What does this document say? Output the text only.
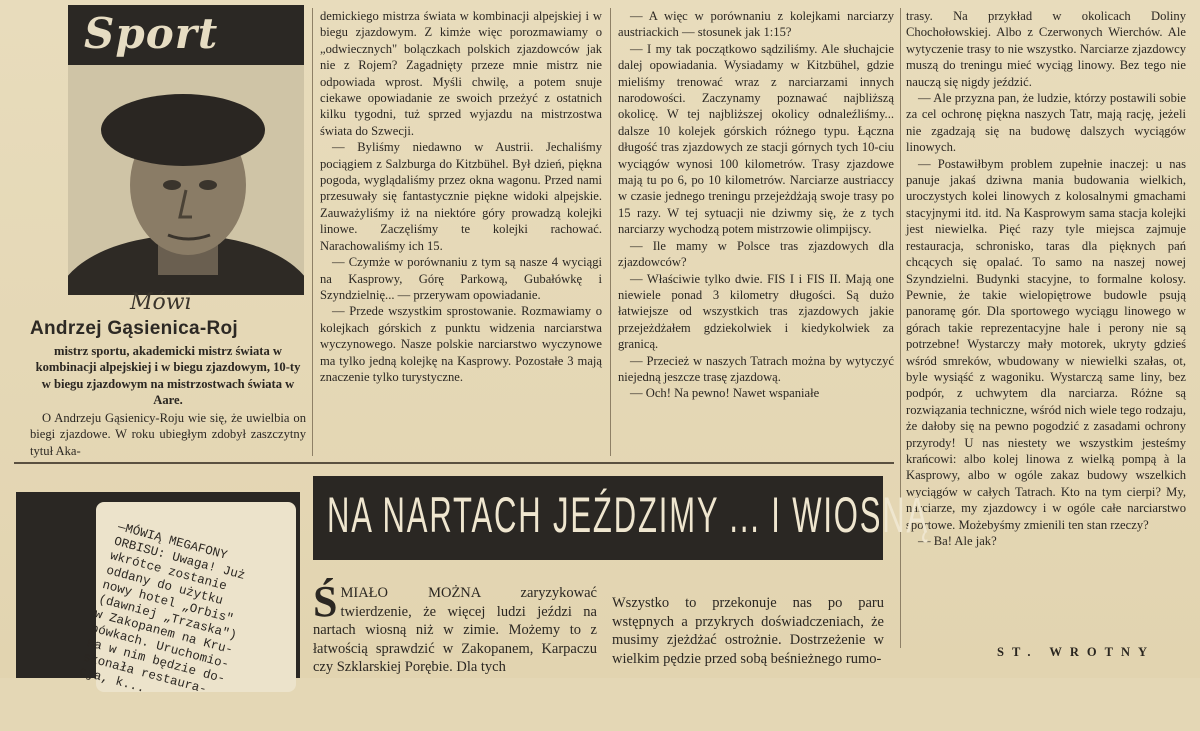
Sport
Mówi
Andrzej Gąsienica-Roj
mistrz sportu, akademicki mistrz świata w kombinacji alpejskiej i w biegu zjazdowym, 10-ty w biegu zjazdowym na mistrzostwach świata w Aare.

O Andrzeju Gąsienicy-Roju wie się, że uwielbia on biegi zjazdowe. W roku ubiegłym zdobył zaszczytny tytuł Aka-

demickiego mistrza świata w kombinacji alpejskiej i w biegu zjazdowym. Z kimże więc porozmawiamy o „odwiecznych" bolączkach polskich zjazdowców jak nie z Rojem? Zagadnięty przeze mnie mistrz nie odpowiada wprost. Myśli chwilę, a potem snuje ciekawe opowiadanie ze swoich przeżyć z ostatnich kilku tygodni, tuż sprzed wyjazdu na mistrzostwa świata do Szwecji.

— Byliśmy niedawno w Austrii. Jechaliśmy pociągiem z Salzburga do Kitzbühel. Był dzień, piękna pogoda, wyglądaliśmy przez okna wagonu. Przed nami przesuwały się fantastycznie piękne widoki alpejskie. Zauważyliśmy iż na niektóre góry prowadzą kolejki linowe. Zaczęliśmy te kolejki rachować. Narachowaliśmy ich 15.

— Czymże w porównaniu z tym są nasze 4 wyciągi na Kasprowy, Górę Parkową, Gubałówkę i Szyndzielnię... — przerywam opowiadanie.

— Przede wszystkim sprostowanie. Rozmawiamy o kolejkach górskich z punktu widzenia narciarstwa wyczynowego. Nasze polskie narciarstwo wyczynowe ma tylko jedną kolejkę na Kasprowy. Pozostałe 3 mają znaczenie tylko turystyczne.

— A więc w porównaniu z kolejkami narciarzy austriackich — stosunek jak 1:15?

— I my tak początkowo sądziliśmy. Ale słuchajcie dalej opowiadania. Wysiadamy w Kitzbühel, gdzie mieliśmy trenować wraz z narciarzami innych narodowości. Zaczynamy poznawać najbliższą okolicę. W tej najbliższej okolicy odnaleźliśmy... dalsze 10 kolejek górskich różnego typu. Łączna długość tras zjazdowych ze stacji górnych tych 10-ciu wyciągów wynosi 100 kilometrów. Trasy zjazdowe mają tu po 6, po 10 kilometrów. Narciarze austriaccy w czasie jednego treningu przejeżdżają swoje trasy po 15 razy. W tej sytuacji nie dziwmy się, że z tych narciarzy wychodzą potem mistrzowie olimpijscy.

— Ile mamy w Polsce tras zjazdowych dla zjazdowców?

— Właściwie tylko dwie. FIS I i FIS II. Mają one niewiele ponad 3 kilometry długości. Są dużo łatwiejsze od wszystkich tras zjazdowych jakie przejeżdżałem gdziekolwiek i kiedykolwiek za granicą.

— Przecież w naszych Tatrach można by wytyczyć niejedną jeszcze trasę zjazdową.

— Och! Na pewno! Nawet wspaniałe

trasy. Na przykład w okolicach Doliny Chochołowskiej. Albo z Czerwonych Wierchów. Ale wytyczenie trasy to nie wszystko. Narciarze zjazdowcy muszą do treningu mieć wyciąg linowy. Bez tego nie nauczą się nigdy jeździć.

— Ale przyzna pan, że ludzie, którzy postawili sobie za cel ochronę piękna naszych Tatr, mają rację, jeżeli nie zgadzają się na budowę dalszych wyciągów linowych.

— Postawiłbym problem zupełnie inaczej: u nas panuje jakaś dziwna mania budowania wielkich, uroczystych kolei linowych z kolosalnymi gmachami stacyjnymi itd. itd. Na Kasprowym sama stacja kolejki jest niewielka. Pięć razy tyle miejsca zajmuje restauracja, schronisko, taras dla pięknych pań chcących się opalać. To samo na naszej nowej Szyndzielni. Budynki stacyjne, to formalne kolosy. Pewnie, że takie wielopiętrowe budowle psują panoramę gór. Dla sportowego wyciągu linowego w górach takie reprezentacyjne hale i perony nie są potrzebne! Wystarczy mały motorek, ukryty gdzieś wśród smreków, wbudowany w niewielki szałas, ot, byle wysiąść z wagoniku. Wystarczą same liny, bez podpór, z uchwytem dla narciarza. Różne są rozwiązania techniczne, wśród nich wiele tego rodzaju, że dałoby się na pewno pogodzić z zasadami ochrony przyrody! U nas niestety we wszystkim jesteśmy krańcowi: albo kolej linowa z wielką pompą à la Kasprowy, albo w ogóle zakaz budowy wszelkich wyciągów w całych Tatrach. Kto na tym cierpi? My, narciarze, my zjazdowcy i w ogóle całe narciarstwo sportowe. Możebyśmy zmienili ten stan rzeczy?

— Ba! Ale jak?

ST. WROTNY
—MÓWIĄ MEGAFONY
ORBISU: Uwaga! Już
wkrótce zostanie
oddany do użytku
nowy hotel „Orbis"
(dawniej „Trzaska")
w Zakopanem na Kru-
pówkach. Uruchomio-
na w nim będzie do-
skonała restaura-
cja, k...
NA NARTACH JEŹDZIMY ... I WIOSNĄ
ŚMIAŁO MOŻNA zaryzykować twierdzenie, że więcej ludzi jeździ na nartach wiosną niż w zimie. Możemy to z łatwością sprawdzić w Zakopanem, Karpaczu czy Szklarskiej Porębie. Dla tych

Wszystko to przekonuje nas po paru wstępnych a przykrych doświadczeniach, że musimy zjeżdżać ostrożnie. Dostrzeżenie w wielkim pędzie przed sobą beśnieżnego rumo-
